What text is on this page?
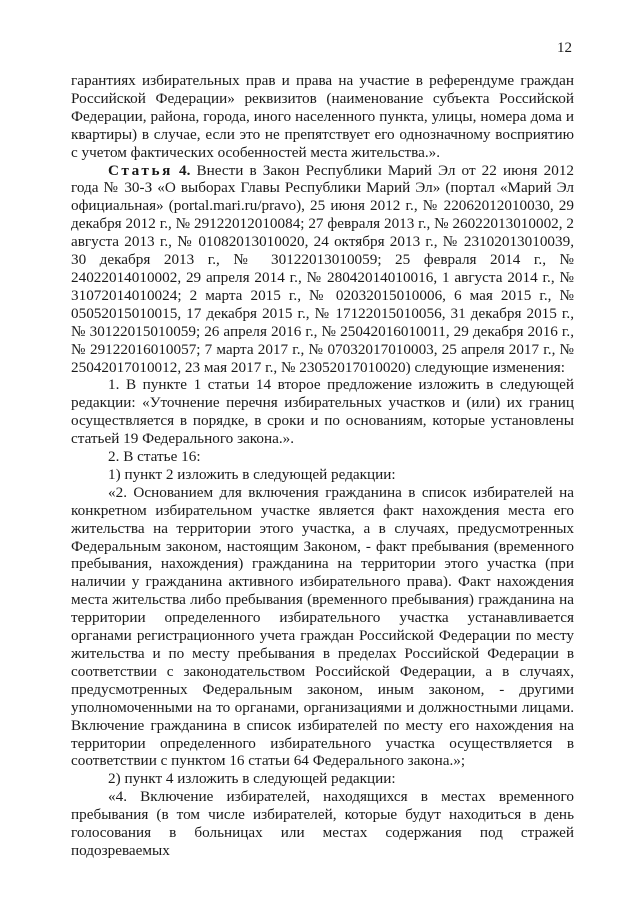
12

гарантиях избирательных прав и права на участие в референдуме граждан Российской Федерации» реквизитов (наименование субъекта Российской Федерации, района, города, иного населенного пункта, улицы, номера дома и квартиры) в случае, если это не препятствует его однозначному восприятию с учетом фактических особенностей места жительства.».

Статья 4. Внести в Закон Республики Марий Эл от 22 июня 2012 года № 30-З «О выборах Главы Республики Марий Эл» (портал «Марий Эл официальная» (portal.mari.ru/pravo), 25 июня 2012 г., № 22062012010030, 29 декабря 2012 г., № 29122012010084; 27 февраля 2013 г., № 26022013010002, 2 августа 2013 г., № 01082013010020, 24 октября 2013 г., № 23102013010039, 30 декабря 2013 г., № 30122013010059; 25 февраля 2014 г., № 24022014010002, 29 апреля 2014 г., № 28042014010016, 1 августа 2014 г., № 31072014010024; 2 марта 2015 г., № 02032015010006, 6 мая 2015 г., № 05052015010015, 17 декабря 2015 г., № 17122015010056, 31 декабря 2015 г., № 30122015010059; 26 апреля 2016 г., № 25042016010011, 29 декабря 2016 г., № 29122016010057; 7 марта 2017 г., № 07032017010003, 25 апреля 2017 г., № 25042017010012, 23 мая 2017 г., № 23052017010020) следующие изменения:

1. В пункте 1 статьи 14 второе предложение изложить в следующей редакции: «Уточнение перечня избирательных участков и (или) их границ осуществляется в порядке, в сроки и по основаниям, которые установлены статьей 19 Федерального закона.».

2. В статье 16:

1) пункт 2 изложить в следующей редакции:

«2. Основанием для включения гражданина в список избирателей на конкретном избирательном участке является факт нахождения места его жительства на территории этого участка, а в случаях, предусмотренных Федеральным законом, настоящим Законом, - факт пребывания (временного пребывания, нахождения) гражданина на территории этого участка (при наличии у гражданина активного избирательного права). Факт нахождения места жительства либо пребывания (временного пребывания) гражданина на территории определенного избирательного участка устанавливается органами регистрационного учета граждан Российской Федерации по месту жительства и по месту пребывания в пределах Российской Федерации в соответствии с законодательством Российской Федерации, а в случаях, предусмотренных Федеральным законом, иным законом, - другими уполномоченными на то органами, организациями и должностными лицами. Включение гражданина в список избирателей по месту его нахождения на территории определенного избирательного участка осуществляется в соответствии с пунктом 16 статьи 64 Федерального закона.»;

2) пункт 4 изложить в следующей редакции:

«4. Включение избирателей, находящихся в местах временного пребывания (в том числе избирателей, которые будут находиться в день голосования в больницах или местах содержания под стражей подозреваемых
